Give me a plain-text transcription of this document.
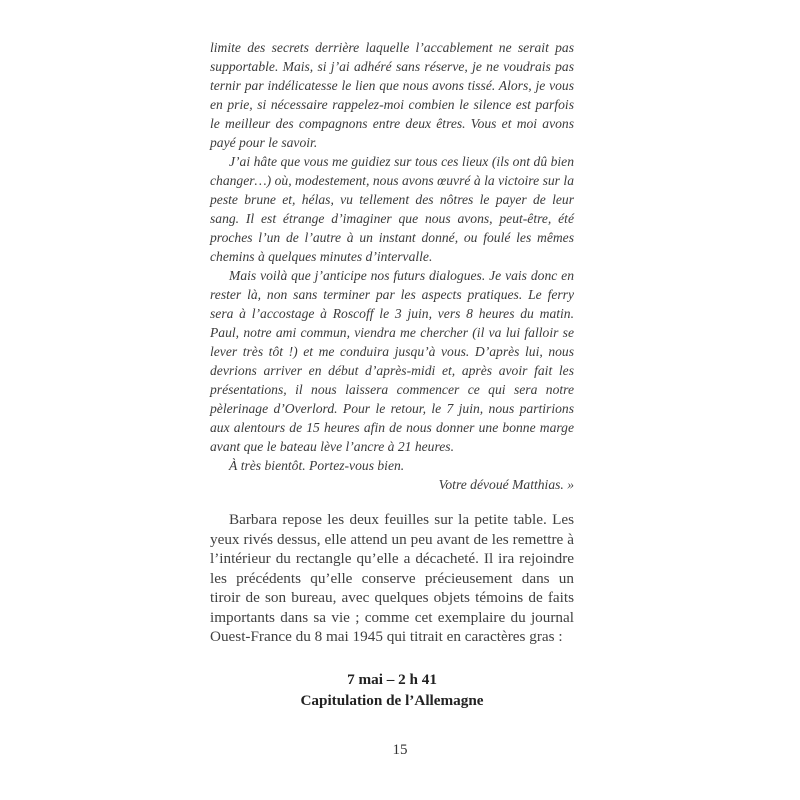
limite des secrets derrière laquelle l’accablement ne serait pas supportable. Mais, si j’ai adhéré sans réserve, je ne voudrais pas ternir par indélicatesse le lien que nous avons tissé. Alors, je vous en prie, si nécessaire rappelez-moi combien le silence est parfois le meilleur des compagnons entre deux êtres. Vous et moi avons payé pour le savoir.

J’ai hâte que vous me guidiez sur tous ces lieux (ils ont dû bien changer…) où, modestement, nous avons œuvré à la victoire sur la peste brune et, hélas, vu tellement des nôtres le payer de leur sang. Il est étrange d’imaginer que nous avons, peut-être, été proches l’un de l’autre à un instant donné, ou foulé les mêmes chemins à quelques minutes d’intervalle.

Mais voilà que j’anticipe nos futurs dialogues. Je vais donc en rester là, non sans terminer par les aspects pratiques. Le ferry sera à l’accostage à Roscoff le 3 juin, vers 8 heures du matin. Paul, notre ami commun, viendra me chercher (il va lui falloir se lever très tôt !) et me conduira jusqu’à vous. D’après lui, nous devrions arriver en début d’après-midi et, après avoir fait les présentations, il nous laissera commencer ce qui sera notre pèlerinage d’Overlord. Pour le retour, le 7 juin, nous partirions aux alentours de 15 heures afin de nous donner une bonne marge avant que le bateau lève l’ancre à 21 heures.

À très bientôt. Portez-vous bien.

Votre dévoué Matthias. »

Barbara repose les deux feuilles sur la petite table. Les yeux rivés dessus, elle attend un peu avant de les remettre à l’intérieur du rectangle qu’elle a décacheté. Il ira rejoindre les précédents qu’elle conserve précieusement dans un tiroir de son bureau, avec quelques objets témoins de faits importants dans sa vie ; comme cet exemplaire du journal Ouest-France du 8 mai 1945 qui titrait en caractères gras :

7 mai – 2 h 41
Capitulation de l’Allemagne
15
